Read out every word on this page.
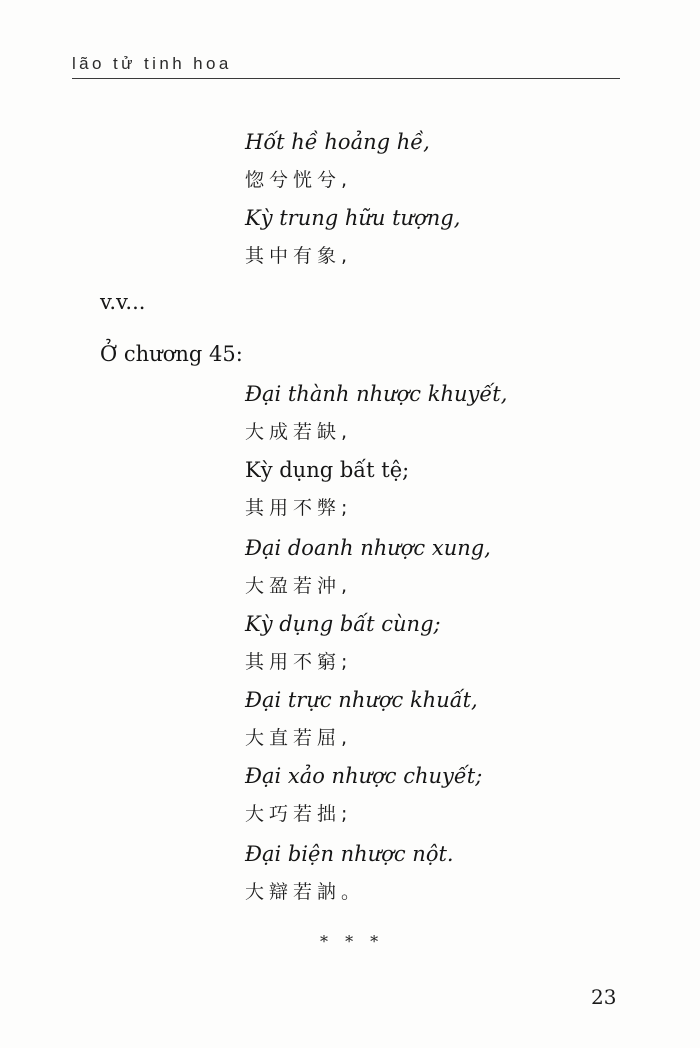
lão tử tinh hoa
Hốt hề hoảng hề,
惚兮恍兮,
Kỳ trung hữu tượng,
其中有象,
v.v...
Ở chương 45:
Đại thành nhược khuyết,
大成若缺,
Kỳ dụng bất tệ;
其用不弊;
Đại doanh nhược xung,
大盈若沖,
Kỳ dụng bất cùng;
其用不窮;
Đại trực nhược khuất,
大直若屈,
Đại xảo nhược chuyết;
大巧若拙;
Đại biện nhược nột.
大辯若訥。
* * *
23
